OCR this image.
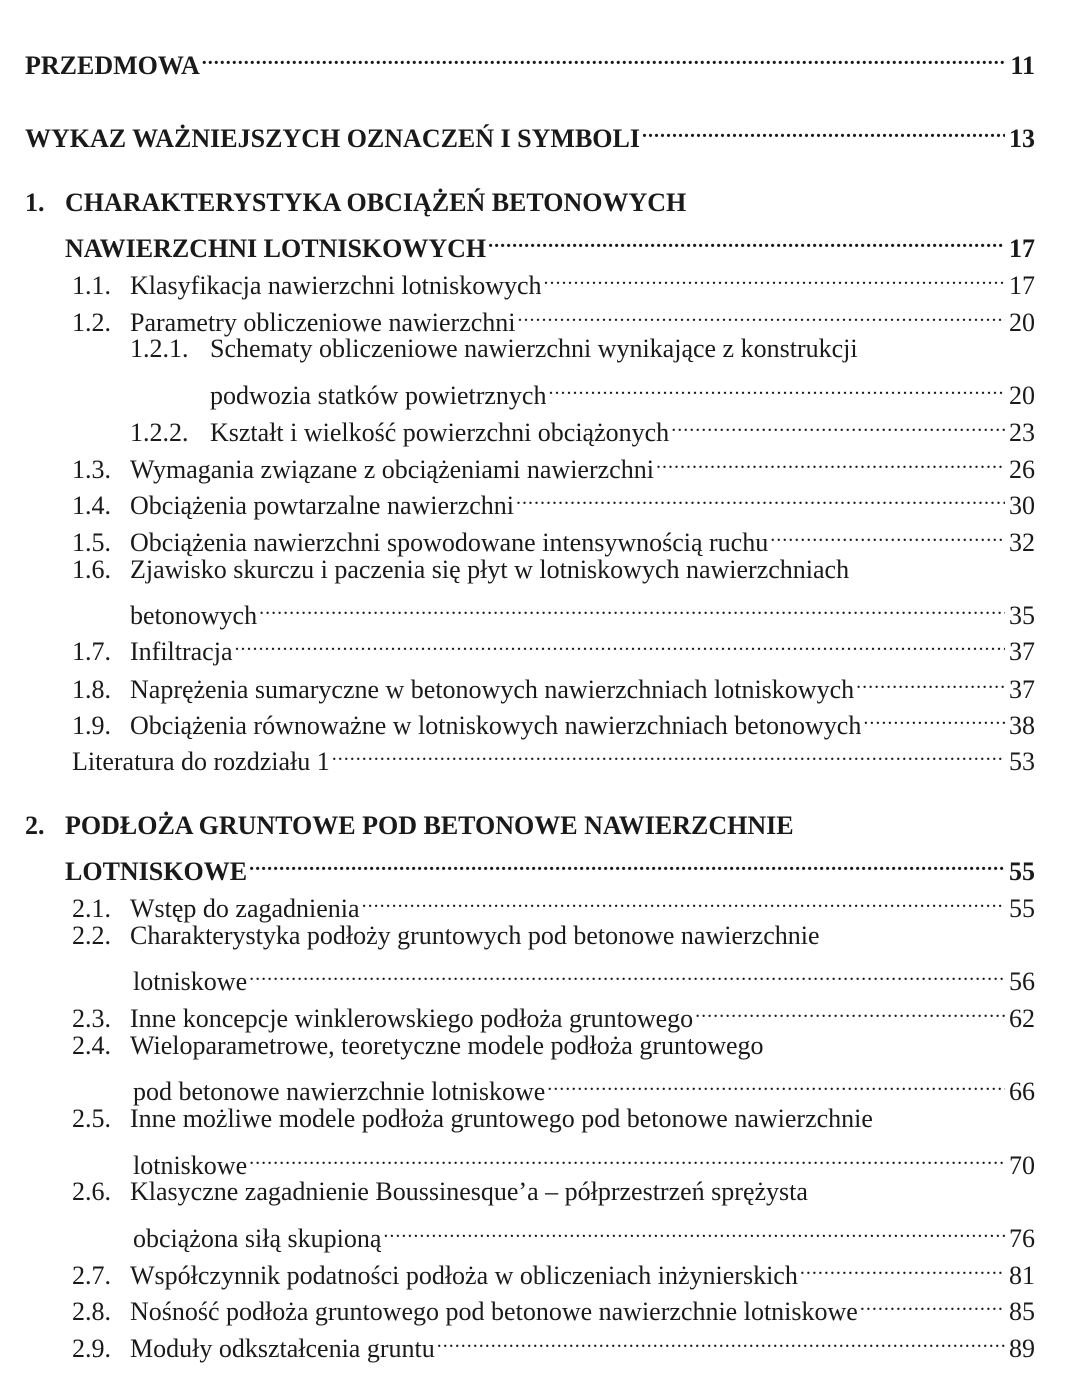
PRZEDMOWA .....	11
WYKAZ WAŻNIEJSZYCH OZNACZEŃ I SYMBOLI .....	13
1. CHARAKTERYSTYKA OBCIĄŻEŃ BETONOWYCH
NAWIERZCHNI LOTNISKOWYCH .....	17
1.1. Klasyfikacja nawierzchni lotniskowych .....	17
1.2. Parametry obliczeniowe nawierzchni .....	20
1.2.1. Schematy obliczeniowe nawierzchni wynikające z konstrukcji
podwozia statków powietrznych .....	20
1.2.2. Kształt i wielkość powierzchni obciążonych .....	23
1.3. Wymagania związane z obciążeniami nawierzchni .....	26
1.4. Obciążenia powtarzalne nawierzchni .....	30
1.5. Obciążenia nawierzchni spowodowane intensywnością ruchu .....	32
1.6. Zjawisko skurczu i paczenia się płyt w lotniskowych nawierzchniach
betonowych .....	35
1.7. Infiltracja .....	37
1.8. Naprężenia sumaryczne w betonowych nawierzchniach lotniskowych .....	37
1.9. Obciążenia równoważne w lotniskowych nawierzchniach betonowych .....	38
Literatura do rozdziału 1 .....	53
2. PODŁOŻA GRUNTOWE POD BETONOWE NAWIERZCHNIE
LOTNISKOWE .....	55
2.1. Wstęp do zagadnienia .....	55
2.2. Charakterystyka podłoży gruntowych pod betonowe nawierzchnie
lotniskowe .....	56
2.3. Inne koncepcje winklerowskiego podłoża gruntowego .....	62
2.4. Wieloparametrowe, teoretyczne modele podłoża gruntowego
pod betonowe nawierzchnie lotniskowe .....	66
2.5. Inne możliwe modele podłoża gruntowego pod betonowe nawierzchnie
lotniskowe .....	70
2.6. Klasyczne zagadnienie Boussinesque’a – półprzestrzeń sprężysta
obciążona siłą skupioną .....	76
2.7. Współczynnik podatności podłoża w obliczeniach inżynierskich .....	81
2.8. Nośność podłoża gruntowego pod betonowe nawierzchnie lotniskowe .....	85
2.9. Moduły odkształcenia gruntu .....	89
